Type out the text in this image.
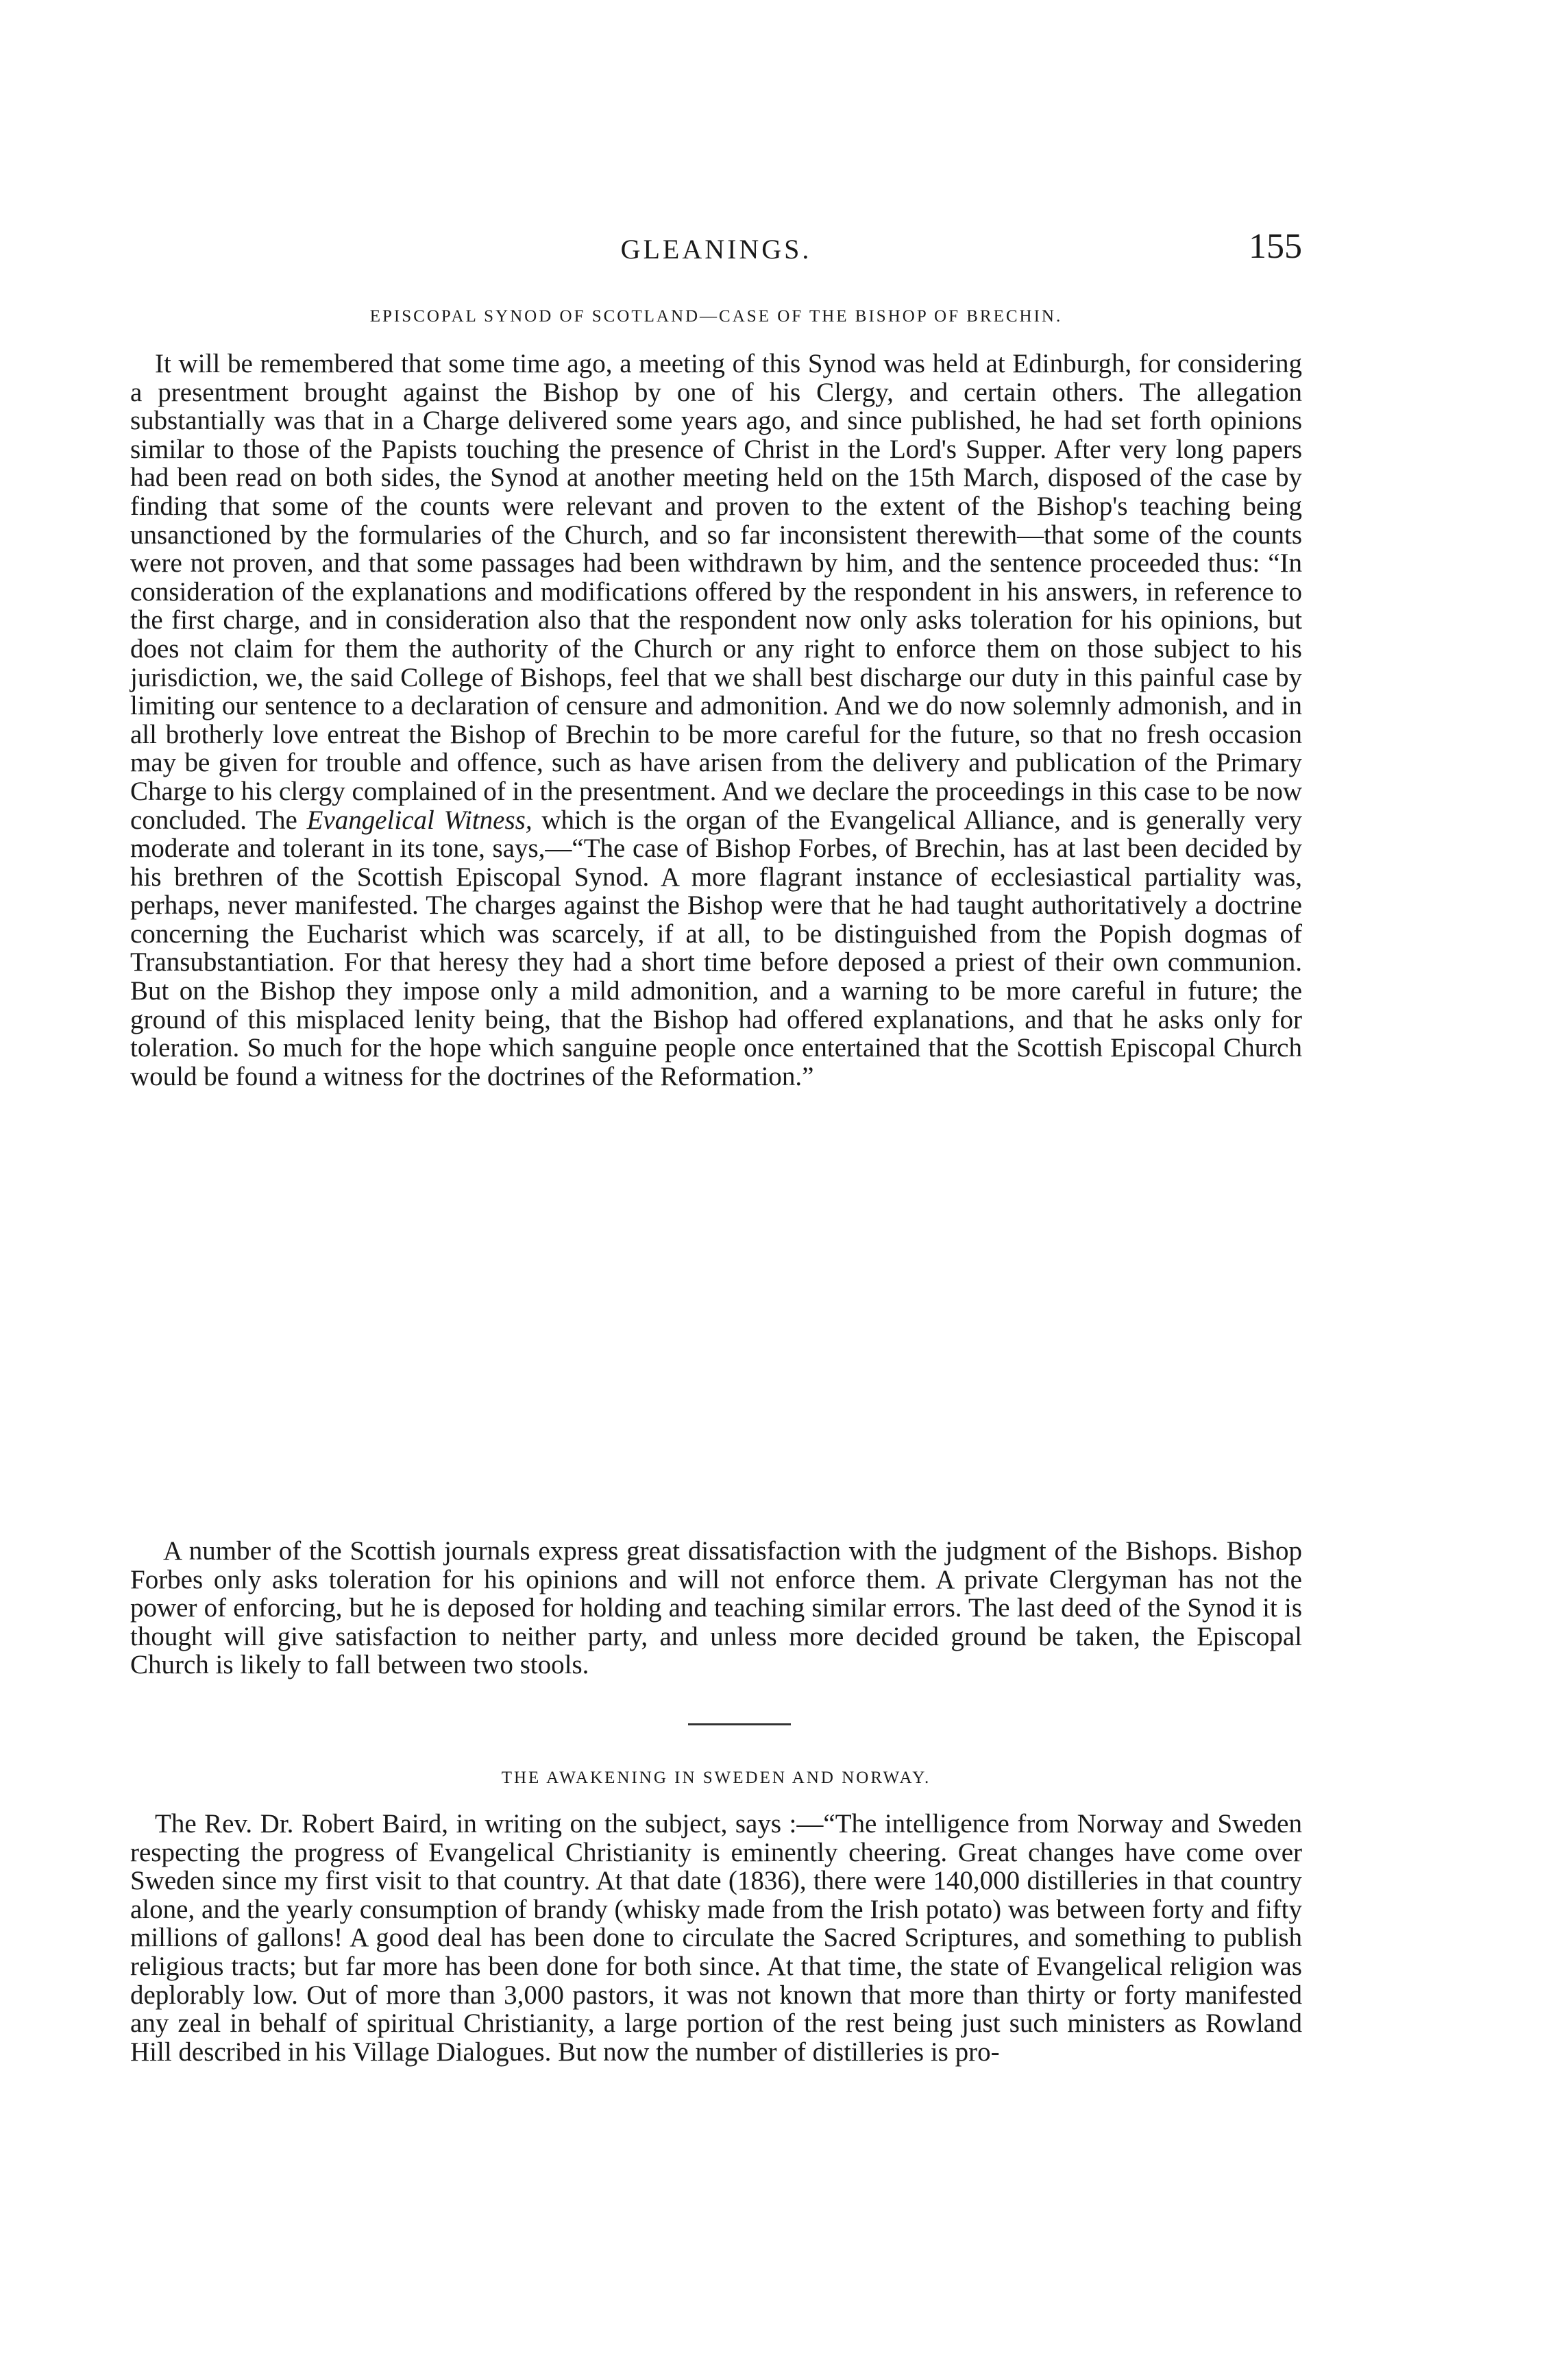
GLEANINGS.	155
EPISCOPAL SYNOD OF SCOTLAND—CASE OF THE BISHOP OF BRECHIN.

It will be remembered that some time ago, a meeting of this Synod was held at Edinburgh, for considering a presentment brought against the Bishop by one of his Clergy, and certain others. The allegation substantially was that in a Charge delivered some years ago, and since published, he had set forth opinions similar to those of the Papists touching the presence of Christ in the Lord's Supper. After very long papers had been read on both sides, the Synod at another meeting held on the 15th March, disposed of the case by finding that some of the counts were relevant and proven to the extent of the Bishop's teaching being unsanctioned by the formularies of the Church, and so far inconsistent therewith—that some of the counts were not proven, and that some passages had been withdrawn by him, and the sentence proceeded thus: “In consideration of the explanations and modifications offered by the respondent in his answers, in reference to the first charge, and in consideration also that the respondent now only asks toleration for his opinions, but does not claim for them the authority of the Church or any right to enforce them on those subject to his jurisdiction, we, the said College of Bishops, feel that we shall best discharge our duty in this painful case by limiting our sentence to a declaration of censure and admonition. And we do now solemnly admonish, and in all brotherly love entreat the Bishop of Brechin to be more careful for the future, so that no fresh occasion may be given for trouble and offence, such as have arisen from the delivery and publication of the Primary Charge to his clergy complained of in the presentment. And we declare the proceedings in this case to be now concluded. The Evangelical Witness, which is the organ of the Evangelical Alliance, and is generally very moderate and tolerant in its tone, says,—“The case of Bishop Forbes, of Brechin, has at last been decided by his brethren of the Scottish Episcopal Synod. A more flagrant instance of ecclesiastical partiality was, perhaps, never manifested. The charges against the Bishop were that he had taught authoritatively a doctrine concerning the Eucharist which was scarcely, if at all, to be distinguished from the Popish dogmas of Transubstantiation. For that heresy they had a short time before deposed a priest of their own communion. But on the Bishop they impose only a mild admonition, and a warning to be more careful in future; the ground of this misplaced lenity being, that the Bishop had offered explanations, and that he asks only for toleration. So much for the hope which sanguine people once entertained that the Scottish Episcopal Church would be found a witness for the doctrines of the Reformation.”

A number of the Scottish journals express great dissatisfaction with the judgment of the Bishops. Bishop Forbes only asks toleration for his opinions and will not enforce them. A private Clergyman has not the power of enforcing, but he is deposed for holding and teaching similar errors. The last deed of the Synod it is thought will give satisfaction to neither party, and unless more decided ground be taken, the Episcopal Church is likely to fall between two stools.

THE AWAKENING IN SWEDEN AND NORWAY.

The Rev. Dr. Robert Baird, in writing on the subject, says :—“The intelligence from Norway and Sweden respecting the progress of Evangelical Christianity is eminently cheering. Great changes have come over Sweden since my first visit to that country. At that date (1836), there were 140,000 distilleries in that country alone, and the yearly consumption of brandy (whisky made from the Irish potato) was between forty and fifty millions of gallons! A good deal has been done to circulate the Sacred Scriptures, and something to publish religious tracts; but far more has been done for both since. At that time, the state of Evangelical religion was deplorably low. Out of more than 3,000 pastors, it was not known that more than thirty or forty manifested any zeal in behalf of spiritual Christianity, a large portion of the rest being just such ministers as Rowland Hill described in his Village Dialogues. But now the number of distilleries is pro-
